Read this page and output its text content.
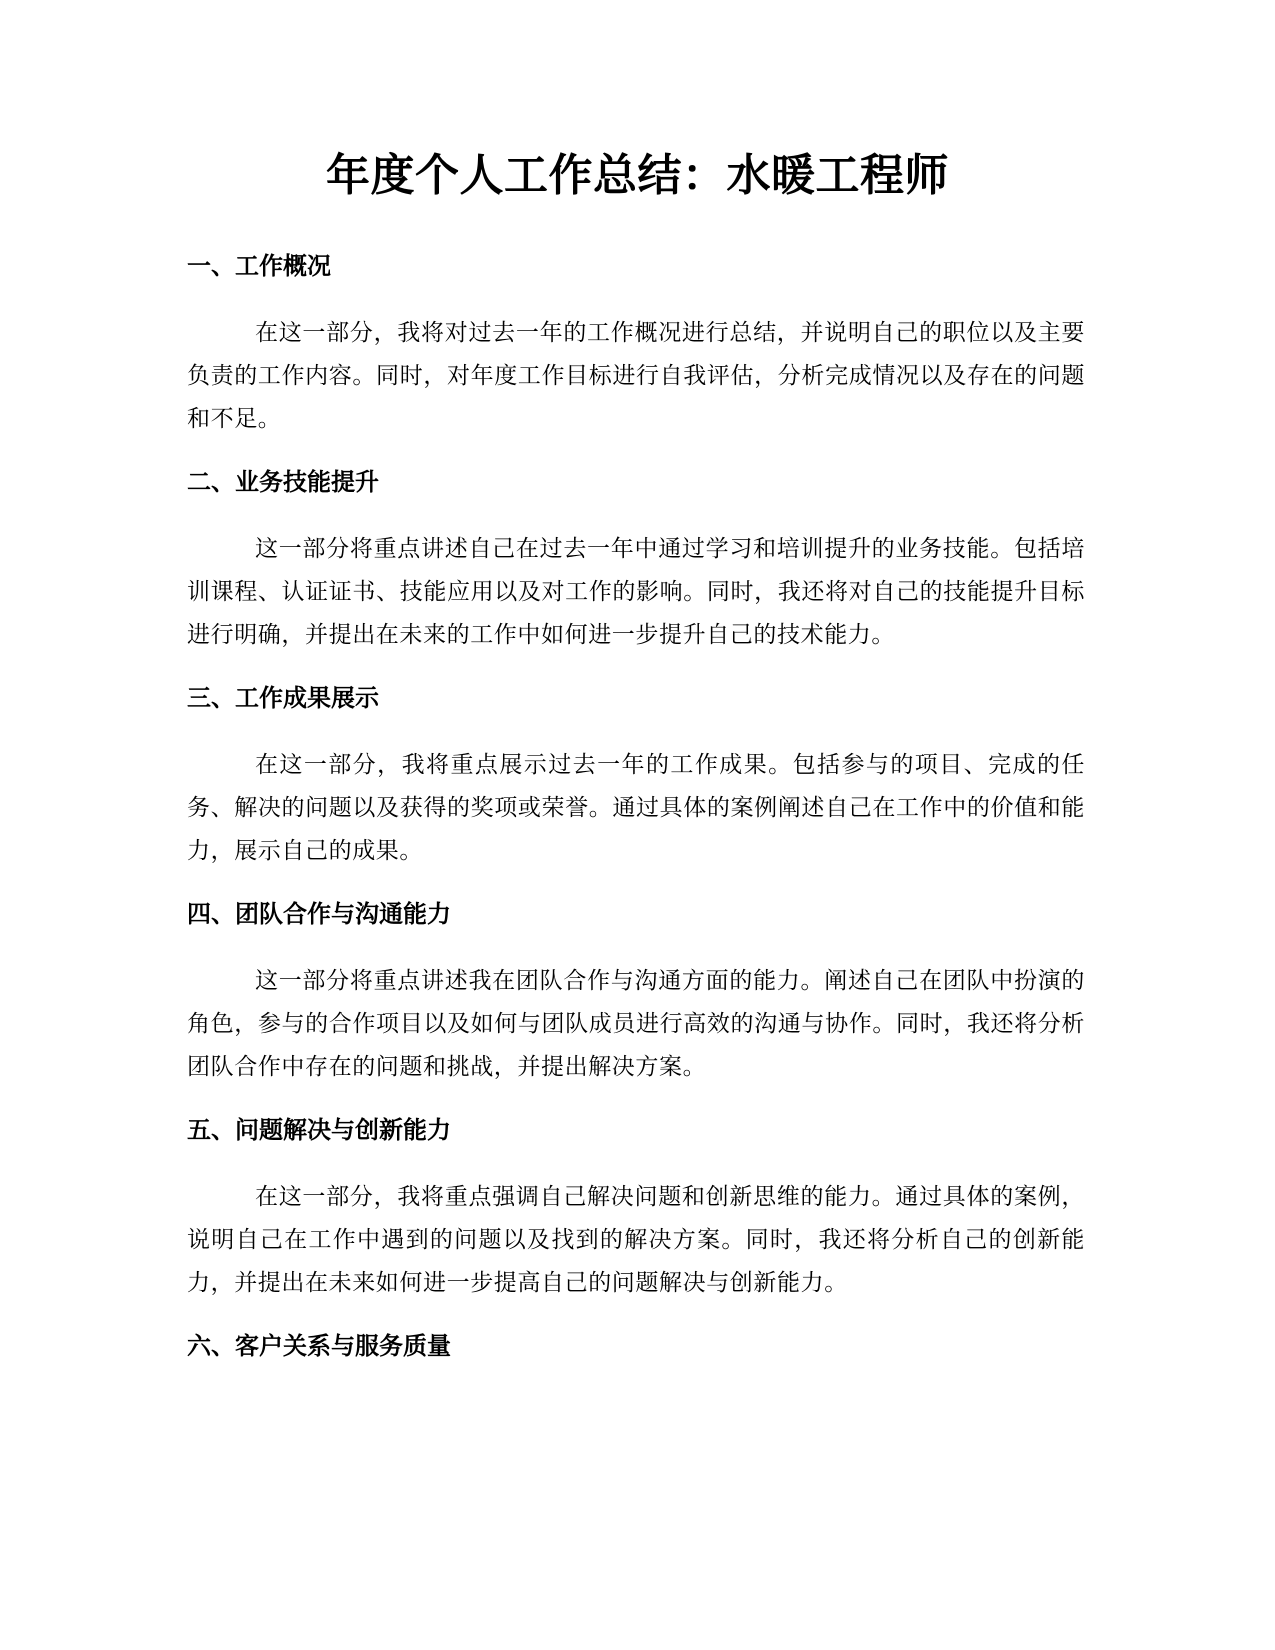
年度个人工作总结：水暖工程师
一、工作概况

在这一部分，我将对过去一年的工作概况进行总结，并说明自己的职位以及主要负责的工作内容。同时，对年度工作目标进行自我评估，分析完成情况以及存在的问题和不足。

二、业务技能提升

这一部分将重点讲述自己在过去一年中通过学习和培训提升的业务技能。包括培训课程、认证证书、技能应用以及对工作的影响。同时，我还将对自己的技能提升目标进行明确，并提出在未来的工作中如何进一步提升自己的技术能力。

三、工作成果展示

在这一部分，我将重点展示过去一年的工作成果。包括参与的项目、完成的任务、解决的问题以及获得的奖项或荣誉。通过具体的案例阐述自己在工作中的价值和能力，展示自己的成果。

四、团队合作与沟通能力

这一部分将重点讲述我在团队合作与沟通方面的能力。阐述自己在团队中扮演的角色，参与的合作项目以及如何与团队成员进行高效的沟通与协作。同时，我还将分析团队合作中存在的问题和挑战，并提出解决方案。

五、问题解决与创新能力

在这一部分，我将重点强调自己解决问题和创新思维的能力。通过具体的案例，说明自己在工作中遇到的问题以及找到的解决方案。同时，我还将分析自己的创新能力，并提出在未来如何进一步提高自己的问题解决与创新能力。

六、客户关系与服务质量
